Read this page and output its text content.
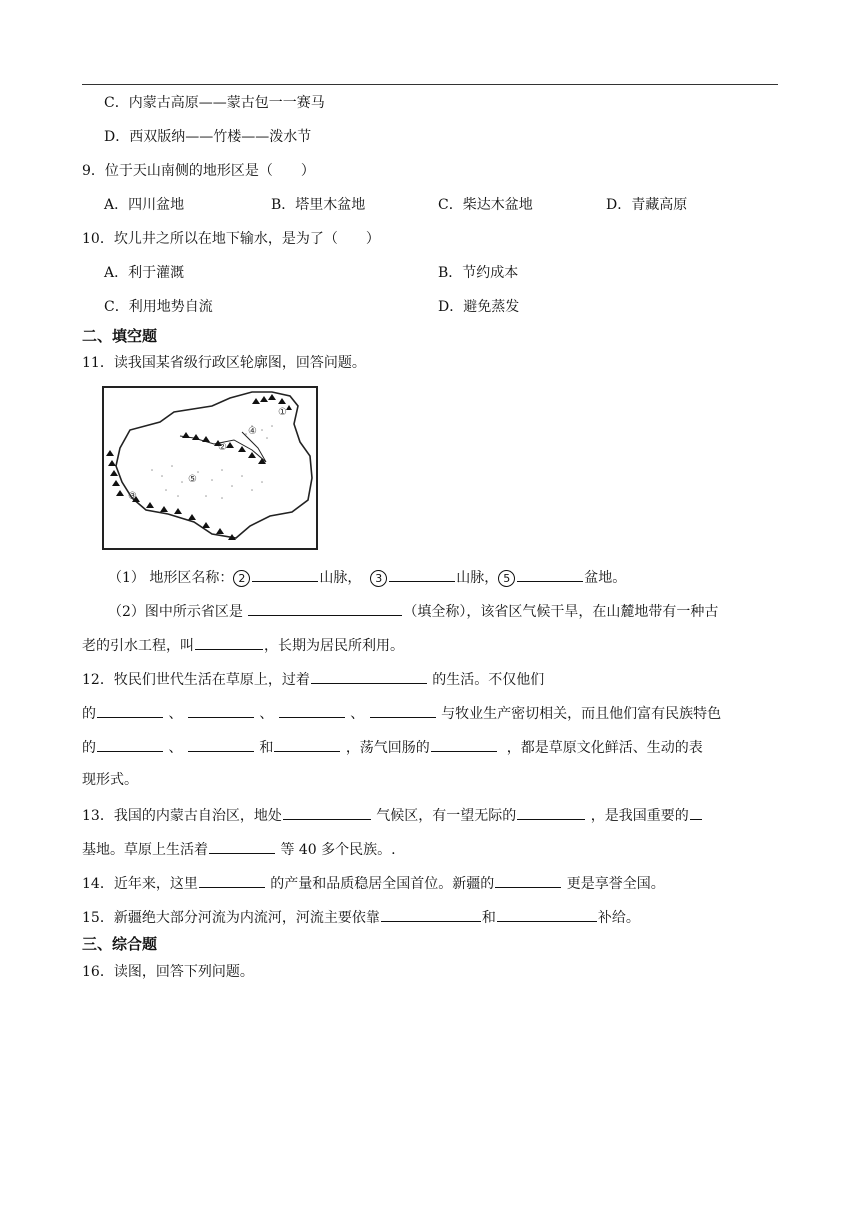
C．内蒙古高原——蒙古包一一赛马
D．西双版纳——竹楼——泼水节
9．位于天山南侧的地形区是（　　）
A．四川盆地	B．塔里木盆地	C．柴达木盆地	D．青藏高原
10．坎儿井之所以在地下输水，是为了（　　）
A．利于灌溉	B．节约成本
C．利用地势自流	D．避免蒸发
二、填空题
11．读我国某省级行政区轮廓图，回答问题。
①
②
③
④
⑤
（1） 地形区名称： 2	山脉， 3	山脉， 5	盆地。
（2）图中所示省区是	（填全称），该省区气候干旱，在山麓地带有一种古
老的引水工程，叫	，长期为居民所利用。
12．牧民们世代生活在草原上，过着	的生活。不仅他们
的	、	、	、	与牧业生产密切相关，而且他们富有民族特色
的	、	和	，荡气回肠的	，都是草原文化鲜活、生动的表
现形式。
13．我国的内蒙古自治区，地处	气候区，有一望无际的	，是我国重要的
基地。草原上生活着	等 40 多个民族。.
14．近年来，这里	的产量和品质稳居全国首位。新疆的	更是享誉全国。
15．新疆绝大部分河流为内流河，河流主要依靠	和	补给。
三、综合题
16．读图，回答下列问题。
